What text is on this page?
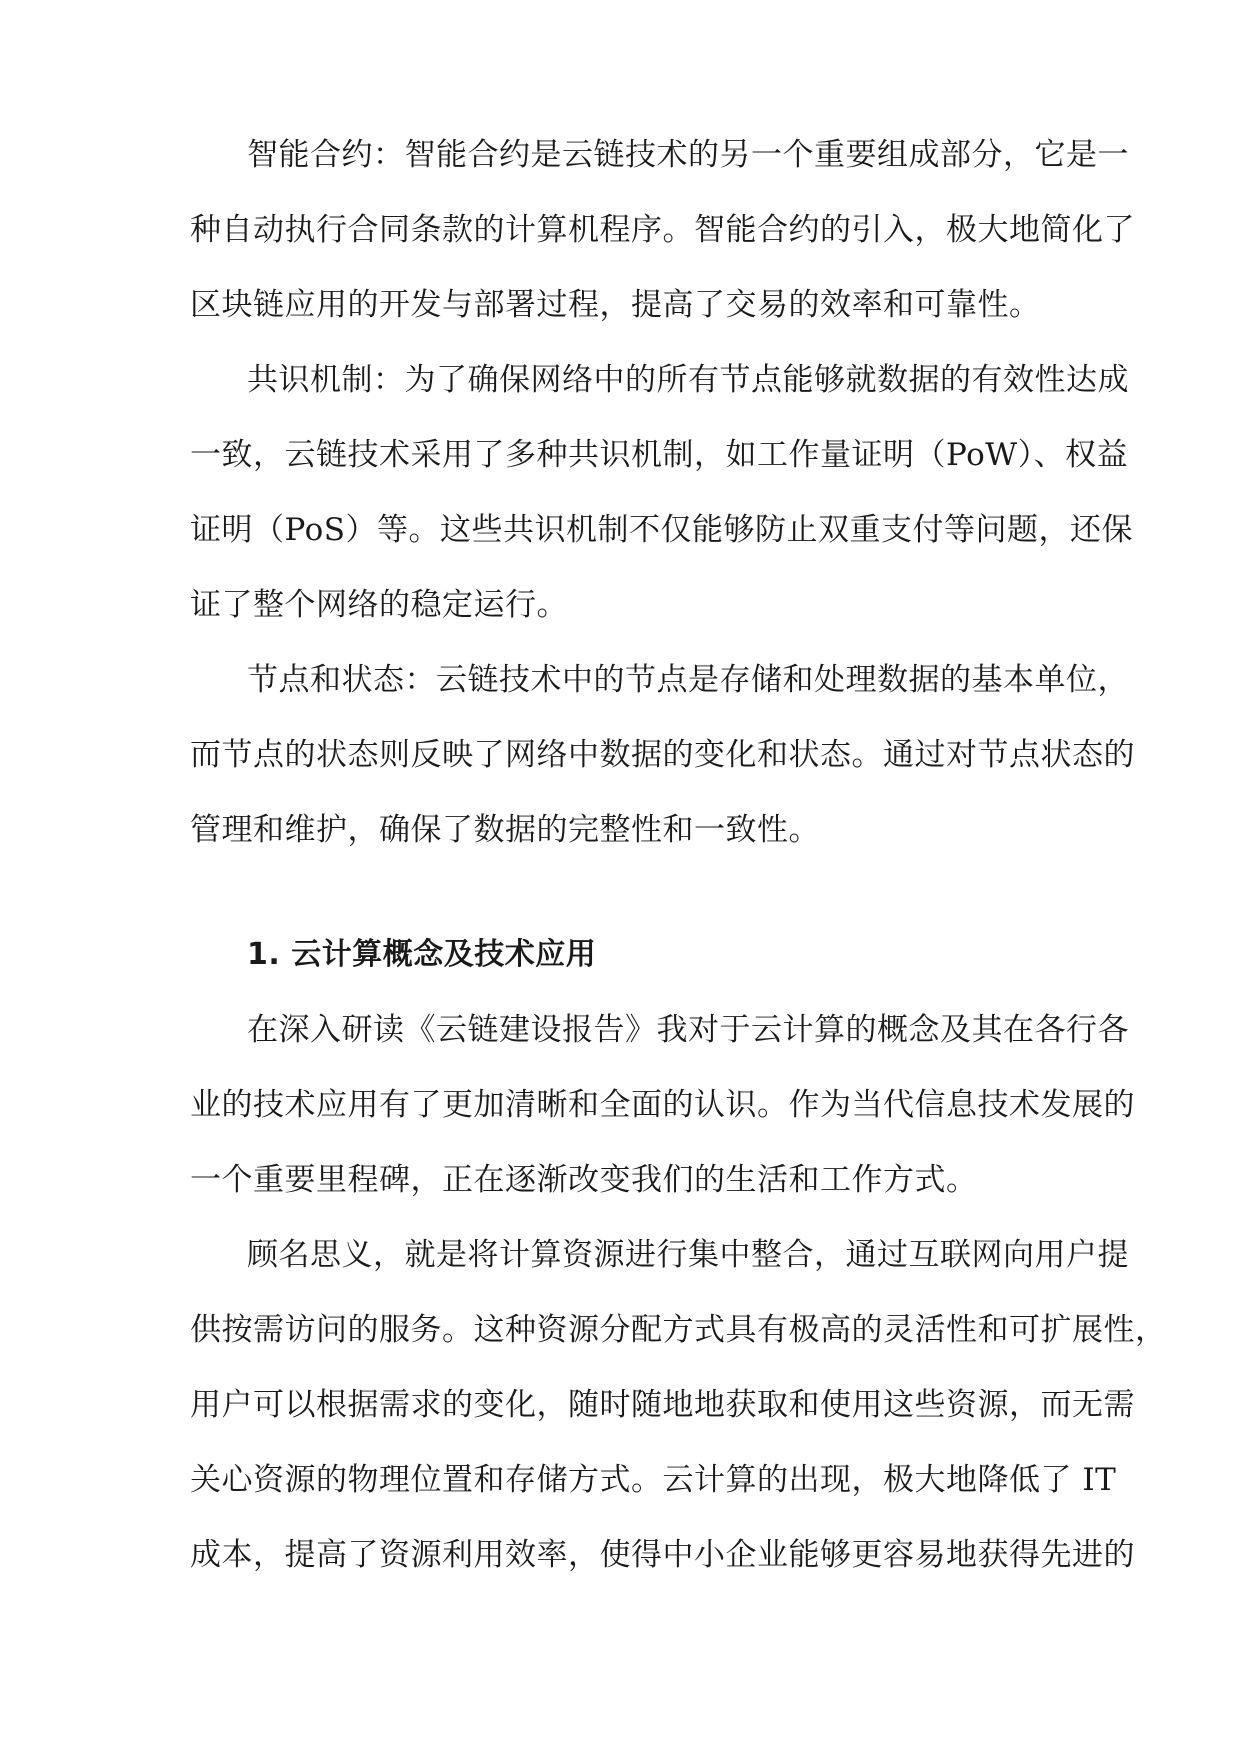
智能合约：智能合约是云链技术的另一个重要组成部分，它是一
种自动执行合同条款的计算机程序。智能合约的引入，极大地简化了
区块链应用的开发与部署过程，提高了交易的效率和可靠性。
共识机制：为了确保网络中的所有节点能够就数据的有效性达成
一致，云链技术采用了多种共识机制，如工作量证明（PoW）、权益
证明（PoS）等。这些共识机制不仅能够防止双重支付等问题，还保
证了整个网络的稳定运行。
节点和状态：云链技术中的节点是存储和处理数据的基本单位，
而节点的状态则反映了网络中数据的变化和状态。通过对节点状态的
管理和维护，确保了数据的完整性和一致性。
1. 云计算概念及技术应用
在深入研读《云链建设报告》我对于云计算的概念及其在各行各
业的技术应用有了更加清晰和全面的认识。作为当代信息技术发展的
一个重要里程碑，正在逐渐改变我们的生活和工作方式。
顾名思义，就是将计算资源进行集中整合，通过互联网向用户提
供按需访问的服务。这种资源分配方式具有极高的灵活性和可扩展性，
用户可以根据需求的变化，随时随地地获取和使用这些资源，而无需
关心资源的物理位置和存储方式。云计算的出现，极大地降低了 IT
成本，提高了资源利用效率，使得中小企业能够更容易地获得先进的
